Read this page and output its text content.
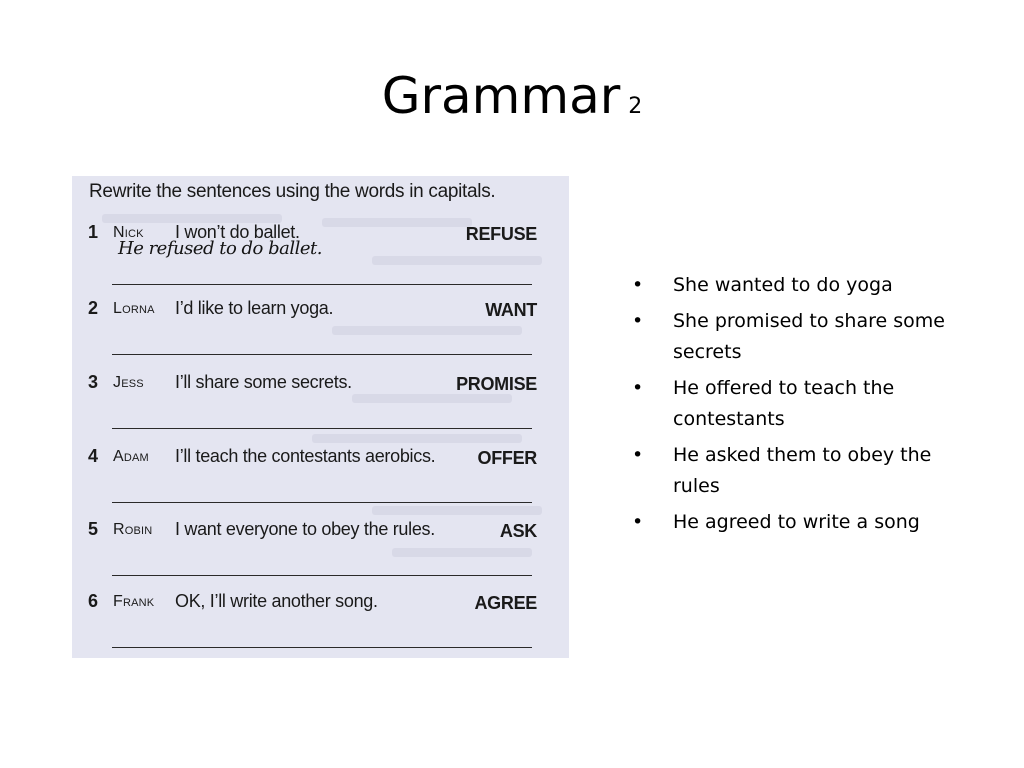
Grammar 2
Rewrite the sentences using the words in capitals.
1 Nick I won’t do ballet.	REFUSE
He refused to do ballet.
2 Lorna I’d like to learn yoga.	WANT
3 Jess I’ll share some secrets.	PROMISE
4 Adam I’ll teach the contestants aerobics. OFFER
5 Robin I want everyone to obey the rules.	ASK
6 Frank OK, I’ll write another song.	AGREE
• She wanted to do yoga
• She promised to share some secrets
• He offered to teach the contestants
• He asked them to obey the rules
• He agreed to write a song
